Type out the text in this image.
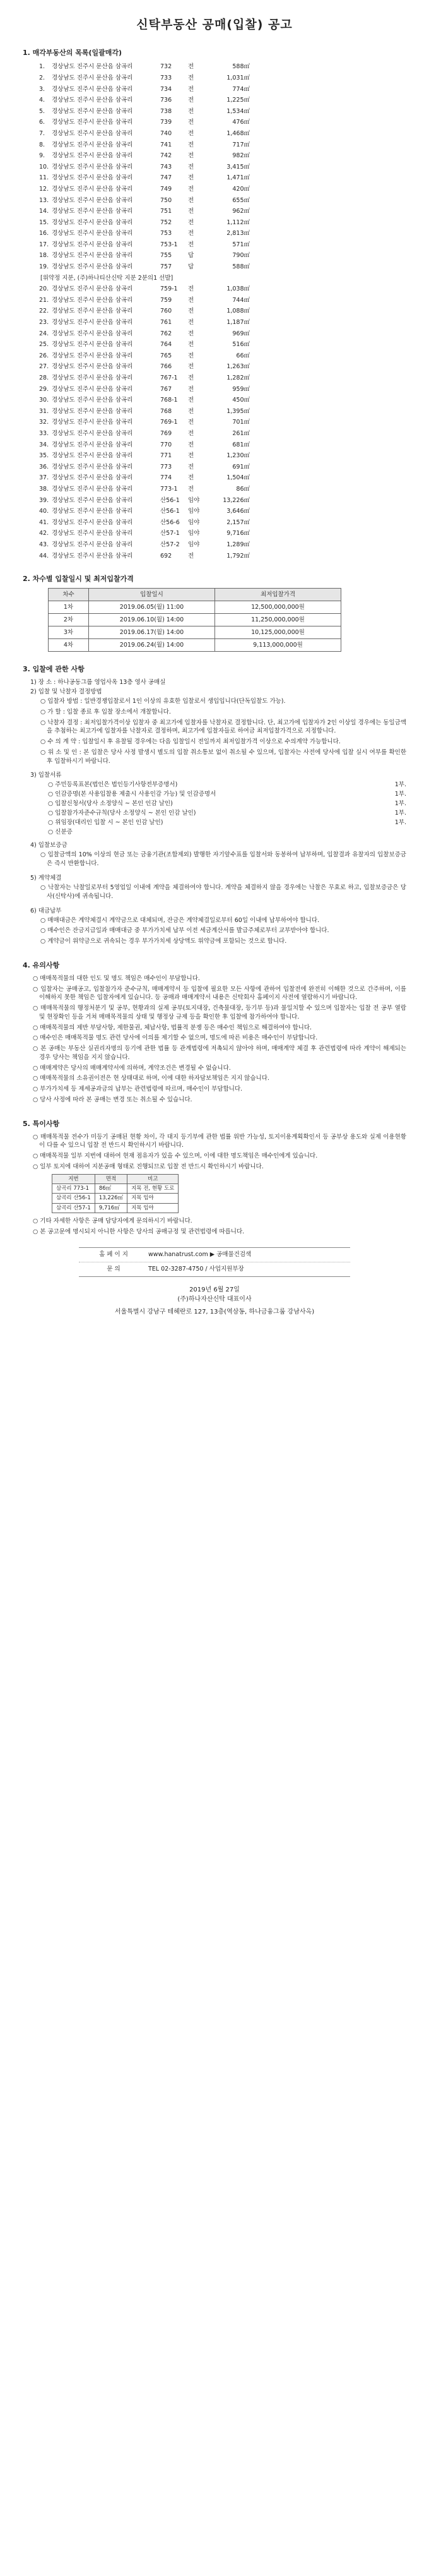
신탁부동산 공매(입찰) 공고
1. 매각부동산의 목록(일괄매각)
1.	경상남도 진주시 문산읍 삼곡리	732	전	588㎡
2.	경상남도 진주시 문산읍 삼곡리	733	전	1,031㎡
3.	경상남도 진주시 문산읍 삼곡리	734	전	774㎡
4.	경상남도 진주시 문산읍 삼곡리	736	전	1,225㎡
5.	경상남도 진주시 문산읍 삼곡리	738	전	1,534㎡
6.	경상남도 진주시 문산읍 삼곡리	739	전	476㎡
7.	경상남도 진주시 문산읍 삼곡리	740	전	1,468㎡
8.	경상남도 진주시 문산읍 삼곡리	741	전	717㎡
9.	경상남도 진주시 문산읍 삼곡리	742	전	982㎡
10. 경상남도 진주시 문산읍 삼곡리	743	전	3,415㎡
11. 경상남도 진주시 문산읍 삼곡리	747	전	1,471㎡
12. 경상남도 진주시 문산읍 삼곡리	749	전	420㎡
13. 경상남도 진주시 문산읍 삼곡리	750	전	655㎡
14. 경상남도 진주시 문산읍 삼곡리	751	전	962㎡
15. 경상남도 진주시 문산읍 삼곡리	752	전	1,112㎡
16. 경상남도 진주시 문산읍 삼곡리	753	전	2,813㎡
17. 경상남도 진주시 문산읍 삼곡리	753-1	전	571㎡
18. 경상남도 진주시 문산읍 삼곡리	755	답	790㎡
19. 경상남도 진주시 문산읍 삼곡리	757	답	588㎡
[위약정 지분, (주)하나티산신탁 지분 2분의1 선발]
20. 경상남도 진주시 문산읍 삼곡리	759-1	전	1,038㎡
21. 경상남도 진주시 문산읍 삼곡리	759	전	744㎡
22. 경상남도 진주시 문산읍 삼곡리	760	전	1,088㎡
23. 경상남도 진주시 문산읍 삼곡리	761	전	1,187㎡
24. 경상남도 진주시 문산읍 삼곡리	762	전	969㎡
25. 경상남도 진주시 문산읍 삼곡리	764	전	516㎡
26. 경상남도 진주시 문산읍 삼곡리	765	전	66㎡
27. 경상남도 진주시 문산읍 삼곡리	766	전	1,263㎡
28. 경상남도 진주시 문산읍 삼곡리	767-1	전	1,282㎡
29. 경상남도 진주시 문산읍 삼곡리	767	전	959㎡
30. 경상남도 진주시 문산읍 삼곡리	768-1	전	450㎡
31. 경상남도 진주시 문산읍 삼곡리	768	전	1,395㎡
32. 경상남도 진주시 문산읍 삼곡리	769-1	전	701㎡
33. 경상남도 진주시 문산읍 삼곡리	769	전	261㎡
34. 경상남도 진주시 문산읍 삼곡리	770	전	681㎡
35. 경상남도 진주시 문산읍 삼곡리	771	전	1,230㎡
36. 경상남도 진주시 문산읍 삼곡리	773	전	691㎡
37. 경상남도 진주시 문산읍 삼곡리	774	전	1,504㎡
38. 경상남도 진주시 문산읍 삼곡리	773-1	전	86㎡
39. 경상남도 진주시 문산읍 삼곡리	산56-1	임야	13,226㎡
40. 경상남도 진주시 문산읍 삼곡리	산56-1	임야	3,646㎡
41. 경상남도 진주시 문산읍 삼곡리	산56-6	임야	2,157㎡
42. 경상남도 진주시 문산읍 삼곡리	산57-1	임야	9,716㎡
43. 경상남도 진주시 문산읍 삼곡리	산57-2	임야	1,289㎡
44. 경상남도 진주시 문산읍 삼곡리	692	전	1,792㎡
2. 차수별 입찰일시 및 최저입찰가격
차수	입찰일시	최저입찰가격
1차	2019.06.05(월) 11:00	12,500,000,000원
2차	2019.06.10(월) 14:00	11,250,000,000원
3차	2019.06.17(월) 14:00	10,125,000,000원
4차	2019.06.24(월) 14:00	9,113,000,000원
3. 입찰에 관한 사항
1) 장 소 : 하나공동그룹 영업사옥 13층 영사 공매실
2) 입찰 및 낙찰자 결정방법
○ 입찰자 방법 : 일반경쟁입찰로서 1인 이상의 유효한 입찰로서 생입입니다(단독입찰도 가능).
○ 가 할 : 입찰 종료 후 입찰 장소에서 개찰합니다.
○ 낙찰자 결정 : 최저입찰가격이상 입찰자 중 최고가에 입찰자를 낙찰자로 결정합니다. 단, 최고가에 입찰자가 2인 이상일 경우에는 동일금액을 추첨하는 최고가에 입찰자를 낙찰자로 결정하며, 최고가에 입찰자들로 하여금 최저입찰가격으로 지정합니다.
○ 수 의 계 약 : 입찰일시 후 유찰될 경우에는 다음 입찰일시 전일까지 최저입찰가격 이상으로 수의계약 가능합니다.
○ 위 소 및 인 : 본 입찰은 당사 사정 발생시 별도의 입찰 취소통보 없이 취소될 수 있으며, 입찰자는 사전에 당사에 입찰 실시 여부를 확인한 후 입찰하시기 바랍니다.
3) 입찰서류
○ 주민등록표본(법인은 법인등기사항전부증명서)	1부.
○ 인감증명(본 사용입찰용 제출시 사용인감 가능) 및 인감증명서	1부.
○ 입찰신청서(당사 소정양식 ~ 본인 인감 날인)	1부.
○ 입찰참가자준수규칙(당사 소정양식 ~ 본인 인감 날인)	1부.
○ 위임장(대리인 입찰 시 ~ 본인 인감 날인)	1부.
○ 신분증
4) 입찰보증금
○ 입찰금액의 10% 이상의 현금 또는 금융기관(조합제외) 발행한 자기앞수표를 입찰서와 동봉하여 납부하며, 입찰결과 유찰자의 입찰보증금은 즉시 반환합니다.
5) 계약체결
○ 낙찰자는 낙찰일로부터 5영업일 이내에 계약을 체결하여야 합니다. 계약을 체결하지 않을 경우에는 낙찰은 무효로 하고, 입찰보증금은 당사(신탁사)에 귀속됩니다.
6) 대금납부
○ 매매대금은 계약체결시 계약금으로 대체되며, 잔금은 계약체결일로부터 60일 이내에 납부하여야 합니다.
○ 매수인은 잔금지급일과 매매대금 중 부가가치세 납부 이전 세금계산서를 발급주체로부터 교부받아야 합니다.
○ 계약금이 위약금으로 귀속되는 경우 부가가치세 상당액도 위약금에 포함되는 것으로 합니다.
4. 유의사항
○ 매매목적물의 대한 인도 및 명도 책임은 매수인이 부담합니다.
○ 입찰자는 공매공고, 입찰참가자 준수규칙, 매매계약서 등 입찰에 필요한 모든 사항에 관하여 입찰전에 완전히 이해한 것으로 간주하며, 이를 이해하지 못한 책임은 입찰자에게 있습니다. 등 공매과 매매계약서 내용은 신탁회사 홈페이지 사전에 열람하시기 바랍니다.
○ 매매목적물의 행정처분기 및 공부, 현황과의 실제 공부(토지대장, 건축물대장, 등기부 등)과 불일치할 수 있으며 입찰자는 입찰 전 공부 열람 및 현장확인 등을 거쳐 매매목적물의 상태 및 행정상 규제 등을 확인한 후 입찰에 참가하여야 합니다.
○ 매매목적물의 제반 부담사항, 제한물권, 체납사항, 법률적 분쟁 등은 매수인 책임으로 해결하여야 합니다.
○ 매수인은 매매목적물 명도 관련 당사에 이의를 제기할 수 없으며, 명도에 따른 비용은 매수인이 부담합니다.
○ 본 공매는 부동산 실권리자명의 등기에 관한 법률 등 관계법령에 저촉되지 않아야 하며, 매매계약 체결 후 관련법령에 따라 계약이 해제되는 경우 당사는 책임을 지지 않습니다.
○ 매매계약은 당사의 매매계약서에 의하며, 계약조건은 변경될 수 없습니다.
○ 매매목적물의 소유권이전은 현 상태대로 하며, 이에 대한 하자담보책임은 지지 않습니다.
○ 부가가치세 등 제세공과금의 납부는 관련법령에 따르며, 매수인이 부담합니다.
○ 당사 사정에 따라 본 공매는 변경 또는 취소될 수 있습니다.
5. 특이사항
○ 매매목적물 전수가 미등기 공매된 현황 차이, 각 대지 등기부에 관한 법률 위반 가능성, 토지이용계획확인서 등 공부상 용도와 실제 이용현황이 다를 수 있으니 입찰 전 반드시 확인하시기 바랍니다.
○ 매매목적물 일부 지번에 대하여 현재 점유자가 있을 수 있으며, 이에 대한 명도책임은 매수인에게 있습니다.
○ 일부 토지에 대하여 지분공매 형태로 진행되므로 입찰 전 반드시 확인하시기 바랍니다.
지번	면적	비고
삼곡리 773-1	86㎡	지목 전, 현황 도로
삼곡리 산56-1	13,226㎡	지목 임야
삼곡리 산57-1	9,716㎡	지목 임야
○ 기타 자세한 사항은 공매 담당자에게 문의하시기 바랍니다.
○ 본 공고문에 명시되지 아니한 사항은 당사의 공매규정 및 관련법령에 따릅니다.
홈 페 이 지	www.hanatrust.com ▶ 공매물건검색
문 의	TEL 02-3287-4750 / 사업지원부장
2019년 6월 27일
(주)하나자산신탁 대표이사
서울특별시 강남구 테헤란로 127, 13층(역삼동, 하나금융그룹 강남사옥)
